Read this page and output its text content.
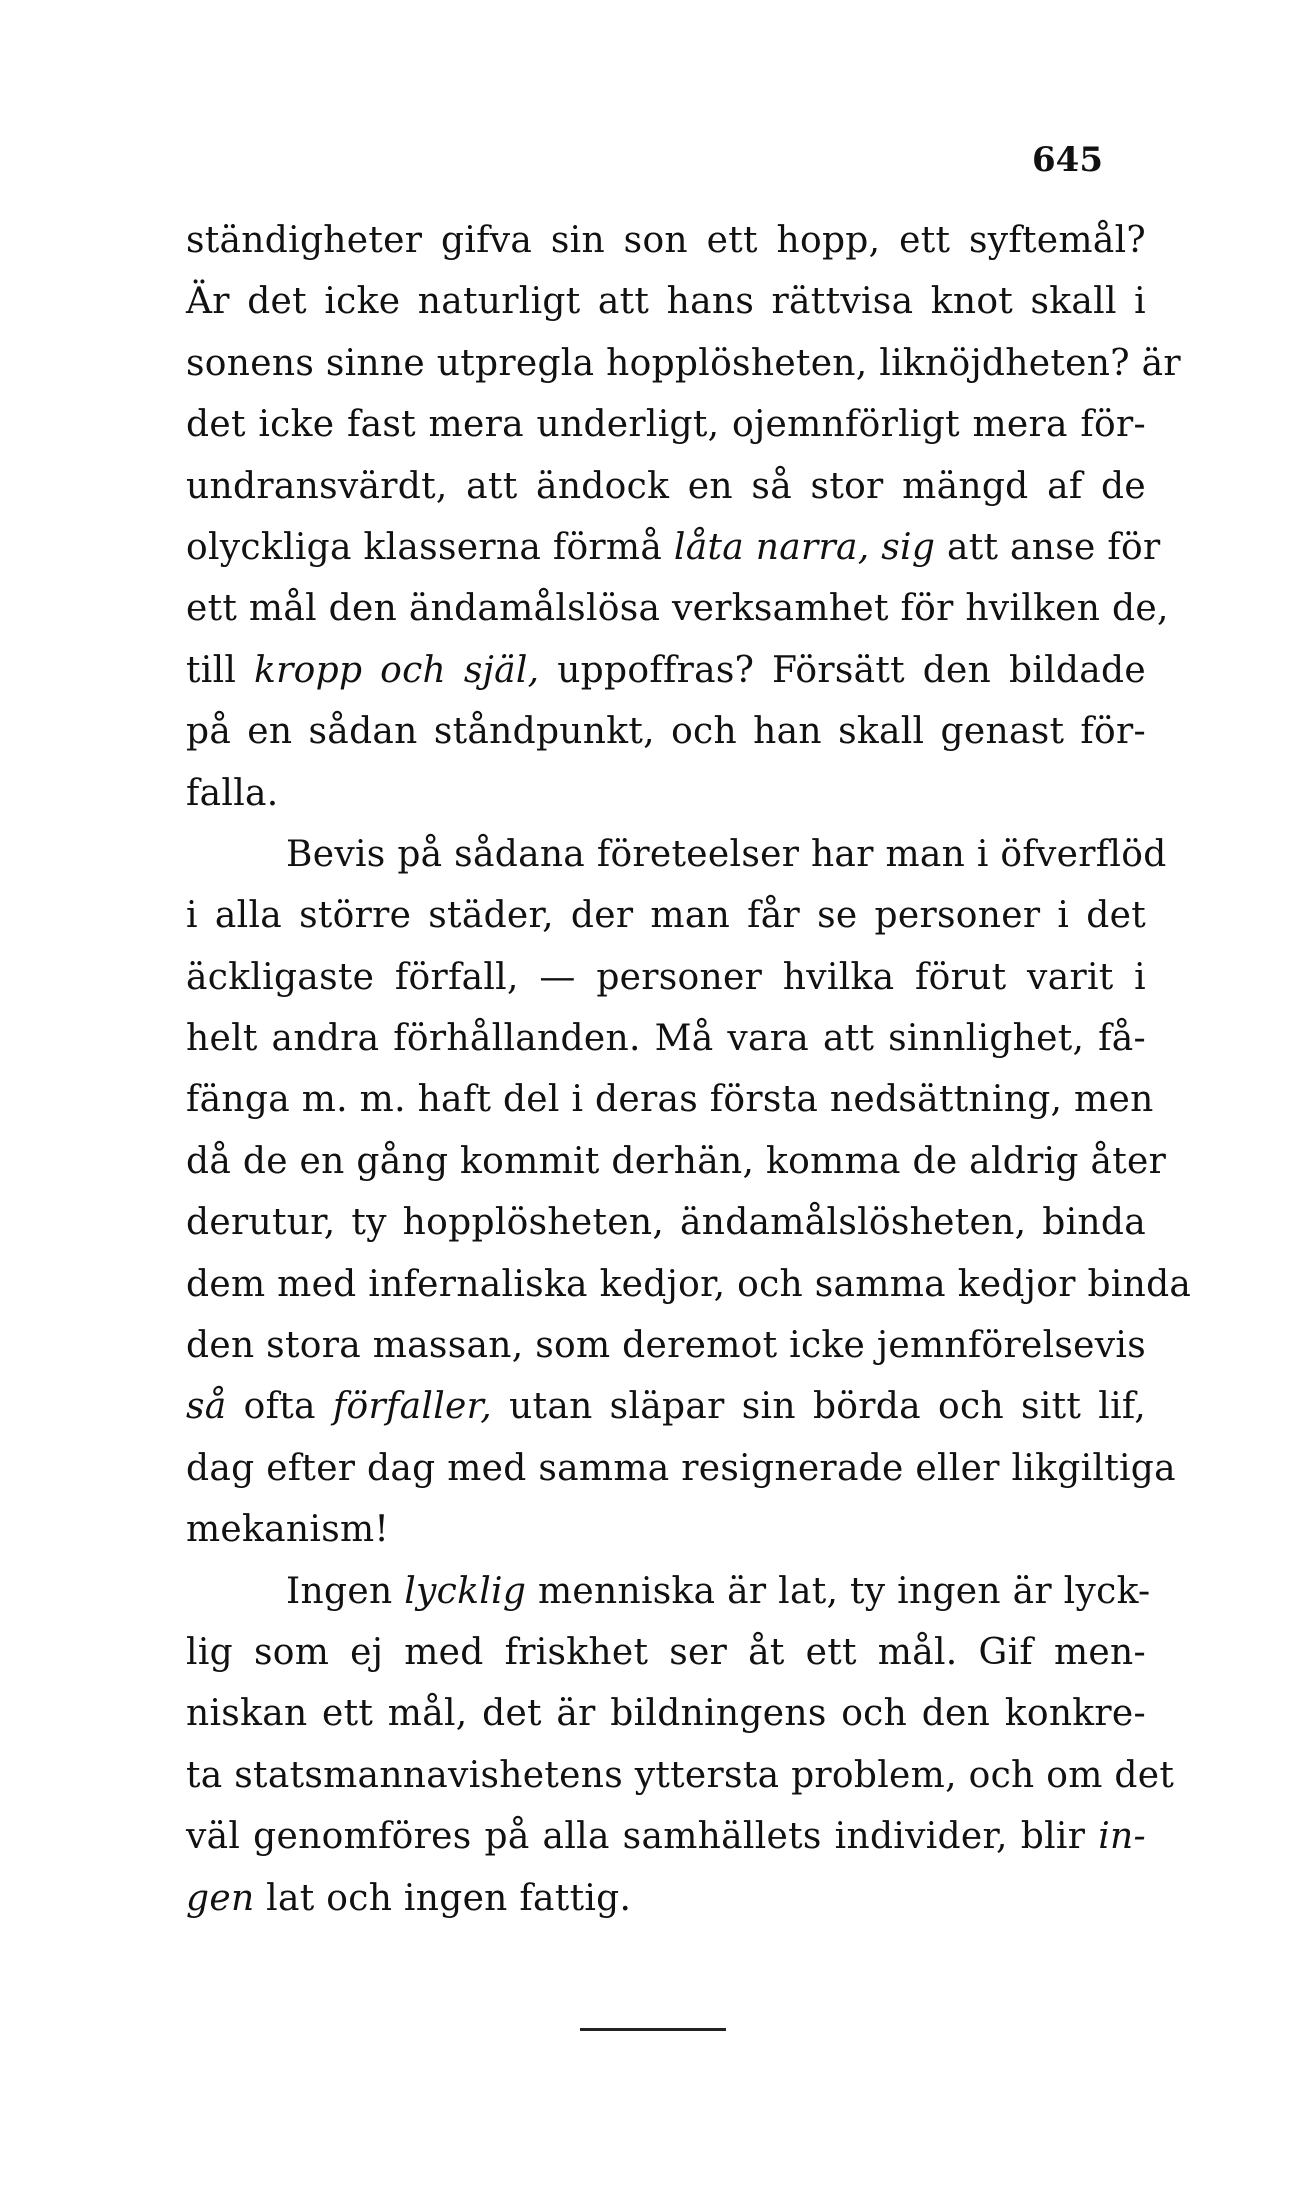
645
ständigheter gifva sin son ett hopp, ett syftemål?
Är det icke naturligt att hans rättvisa knot skall i
sonens sinne utpregla hopplösheten, liknöjdheten? är
det icke fast mera underligt, ojemnförligt mera för-
undransvärdt, att ändock en så stor mängd af de
olyckliga klasserna förmå låta narra, sig att anse för
ett mål den ändamålslösa verksamhet för hvilken de,
till kropp och själ, uppoffras? Försätt den bildade
på en sådan ståndpunkt, och han skall genast för-
falla.
Bevis på sådana företeelser har man i öfverflöd
i alla större städer, der man får se personer i det
äckligaste förfall, — personer hvilka förut varit i
helt andra förhållanden. Må vara att sinnlighet, få-
fänga m. m. haft del i deras första nedsättning, men
då de en gång kommit derhän, komma de aldrig åter
derutur, ty hopplösheten, ändamålslösheten, binda
dem med infernaliska kedjor, och samma kedjor binda
den stora massan, som deremot icke jemnförelsevis
så ofta förfaller, utan släpar sin börda och sitt lif,
dag efter dag med samma resignerade eller likgiltiga
mekanism!
Ingen lycklig menniska är lat, ty ingen är lyck-
lig som ej med friskhet ser åt ett mål. Gif men-
niskan ett mål, det är bildningens och den konkre-
ta statsmannavishetens yttersta problem, och om det
väl genomföres på alla samhällets individer, blir in-
gen lat och ingen fattig.
